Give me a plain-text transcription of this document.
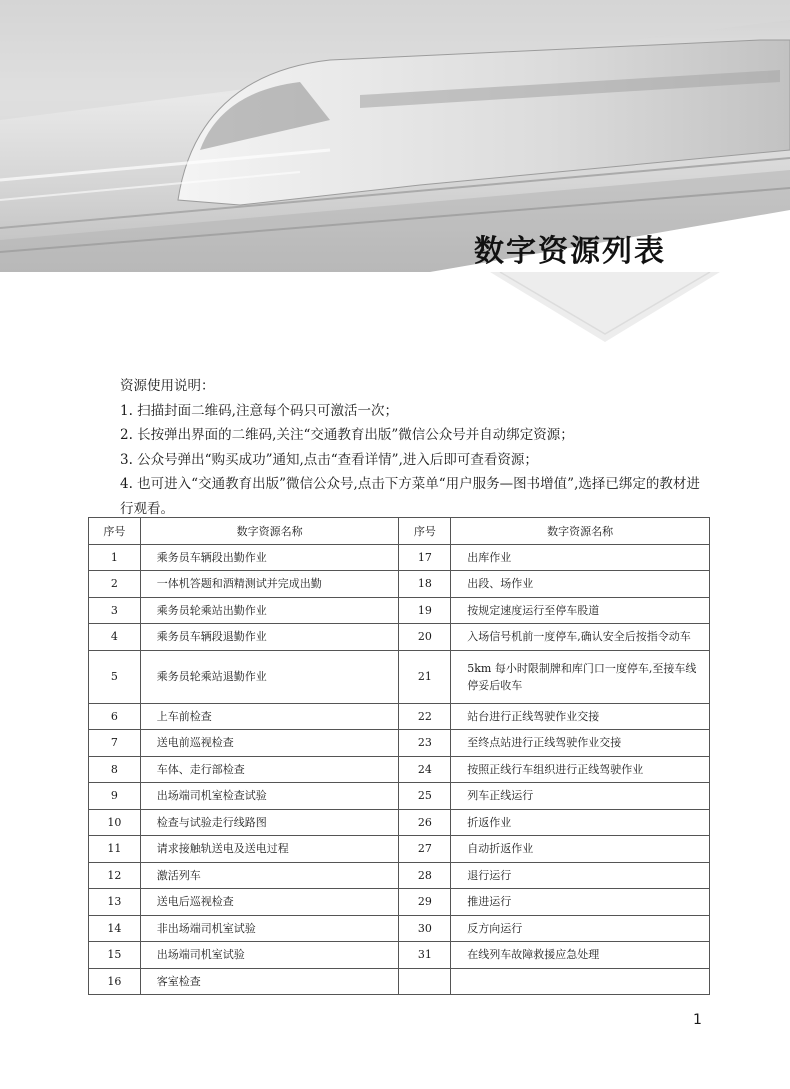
数字资源列表

资源使用说明：

1. 扫描封面二维码,注意每个码只可激活一次；

2. 长按弹出界面的二维码,关注“交通教育出版”微信公众号并自动绑定资源；

3. 公众号弹出“购买成功”通知,点击“查看详情”,进入后即可查看资源；

4. 也可进入“交通教育出版”微信公众号,点击下方菜单“用户服务—图书增值”,选择已绑定的教材进行观看。

序号	数字资源名称	序号	数字资源名称
1	乘务员车辆段出勤作业	17	出库作业
2	一体机答题和酒精测试并完成出勤	18	出段、场作业
3	乘务员轮乘站出勤作业	19	按规定速度运行至停车股道
4	乘务员车辆段退勤作业	20	入场信号机前一度停车,确认安全后按指令动车
5	乘务员轮乘站退勤作业	21	5km 每小时限制牌和库门口一度停车,至接车线停妥后收车
6	上车前检查	22	站台进行正线驾驶作业交接
7	送电前巡视检查	23	至终点站进行正线驾驶作业交接
8	车体、走行部检查	24	按照正线行车组织进行正线驾驶作业
9	出场端司机室检查试验	25	列车正线运行
10	检查与试验走行线路图	26	折返作业
11	请求接触轨送电及送电过程	27	自动折返作业
12	激活列车	28	退行运行
13	送电后巡视检查	29	推进运行
14	非出场端司机室试验	30	反方向运行
15	出场端司机室试验	31	在线列车故障救援应急处理
16	客室检查		
1
